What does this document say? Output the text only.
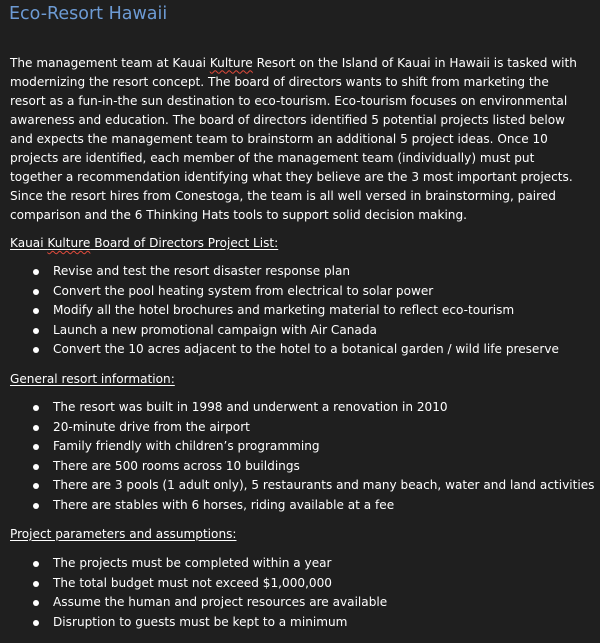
Eco-Resort Hawaii

The management team at Kauai Kulture Resort on the Island of Kauai in Hawaii is tasked with modernizing the resort concept. The board of directors wants to shift from marketing the resort as a fun-in-the sun destination to eco-tourism. Eco-tourism focuses on environmental awareness and education. The board of directors identified 5 potential projects listed below and expects the management team to brainstorm an additional 5 project ideas. Once 10 projects are identified, each member of the management team (individually) must put together a recommendation identifying what they believe are the 3 most important projects. Since the resort hires from Conestoga, the team is all well versed in brainstorming, paired comparison and the 6 Thinking Hats tools to support solid decision making.

Kauai Kulture Board of Directors Project List:

Revise and test the resort disaster response plan
Convert the pool heating system from electrical to solar power
Modify all the hotel brochures and marketing material to reflect eco-tourism
Launch a new promotional campaign with Air Canada
Convert the 10 acres adjacent to the hotel to a botanical garden / wild life preserve

General resort information:

The resort was built in 1998 and underwent a renovation in 2010
20-minute drive from the airport
Family friendly with children’s programming
There are 500 rooms across 10 buildings
There are 3 pools (1 adult only), 5 restaurants and many beach, water and land activities
There are stables with 6 horses, riding available at a fee

Project parameters and assumptions:

The projects must be completed within a year
The total budget must not exceed $1,000,000
Assume the human and project resources are available
Disruption to guests must be kept to a minimum
